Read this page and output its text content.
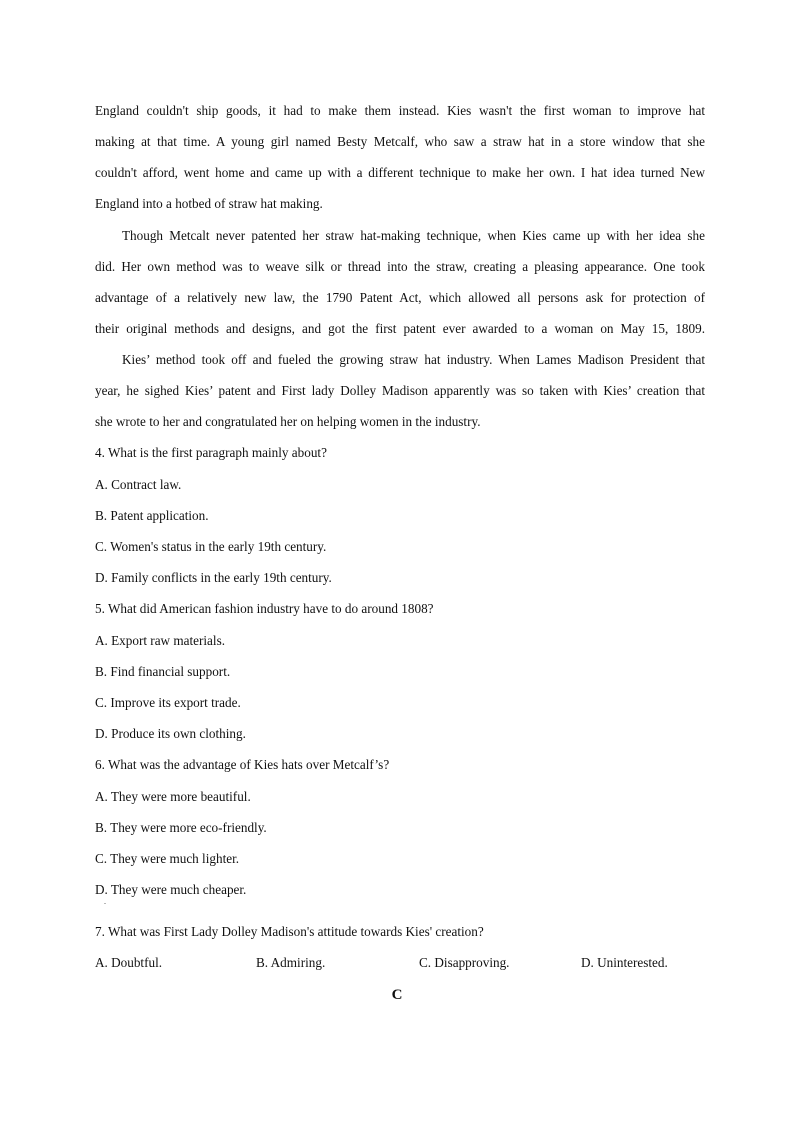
England couldn't ship goods, it had to make them instead. Kies wasn't the first woman to improve hat
making at that time. A young girl named Besty Metcalf, who saw a straw hat in a store window that she
couldn't afford, went home and came up with a different technique to make her own. I hat idea turned New
England into a hotbed of straw hat making.
Though Metcalt never patented her straw hat-making technique, when Kies came up with her idea she
did. Her own method was to weave silk or thread into the straw, creating a pleasing appearance. One took
advantage of a relatively new law, the 1790 Patent Act, which allowed all persons ask for protection of
their original methods and designs, and got the first patent ever awarded to a woman on May 15, 1809.
Kies’ method took off and fueled the growing straw hat industry. When Lames Madison President that
year, he sighed Kies’ patent and First lady Dolley Madison apparently was so taken with Kies’ creation that
she wrote to her and congratulated her on helping women in the industry.
4. What is the first paragraph mainly about?
A. Contract law.
B. Patent application.
C. Women's status in the early 19th century.
D. Family conflicts in the early 19th century.
5. What did American fashion industry have to do around 1808?
A. Export raw materials.
B. Find financial support.
C. Improve its export trade.
D. Produce its own clothing.
6. What was the advantage of Kies hats over Metcalf’s?
A. They were more beautiful.
B. They were more eco-friendly.
C. They were much lighter.
D. They were much cheaper.
.
7. What was First Lady Dolley Madison's attitude towards Kies' creation?
A. Doubtful.	B. Admiring.	C. Disapproving.	D. Uninterested.
C
